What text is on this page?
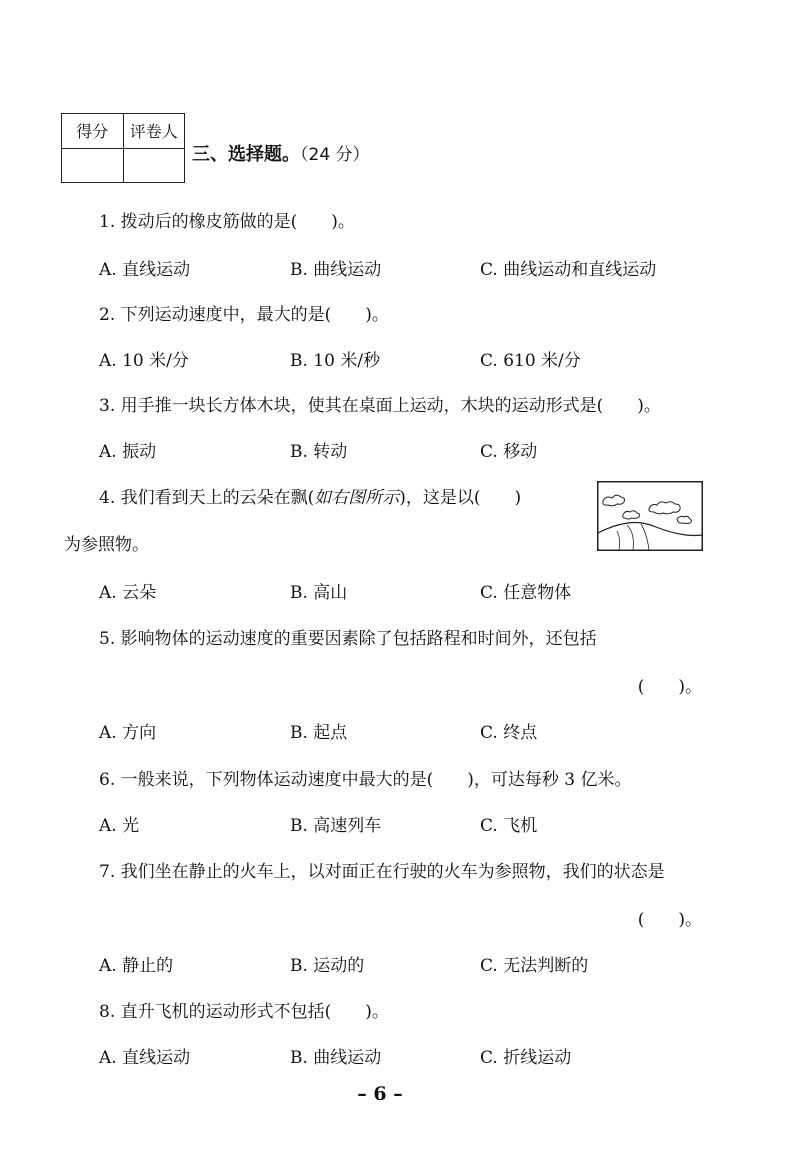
得分	评卷人

三、选择题。（24 分）
1. 拨动后的橡皮筋做的是(　　)。
A. 直线运动	B. 曲线运动	C. 曲线运动和直线运动
2. 下列运动速度中，最大的是(　　)。
A. 10 米/分	B. 10 米/秒	C. 610 米/分
3. 用手推一块长方体木块，使其在桌面上运动，木块的运动形式是(　　)。
A. 振动	B. 转动	C. 移动
4. 我们看到天上的云朵在飘(如右图所示)，这是以(　　)
为参照物。
A. 云朵	B. 高山	C. 任意物体
5. 影响物体的运动速度的重要因素除了包括路程和时间外，还包括
(　　)。
A. 方向	B. 起点	C. 终点
6. 一般来说，下列物体运动速度中最大的是(　　)，可达每秒 3 亿米。
A. 光	B. 高速列车	C. 飞机
7. 我们坐在静止的火车上，以对面正在行驶的火车为参照物，我们的状态是
(　　)。
A. 静止的	B. 运动的	C. 无法判断的
8. 直升飞机的运动形式不包括(　　)。
A. 直线运动	B. 曲线运动	C. 折线运动
– 6 –
